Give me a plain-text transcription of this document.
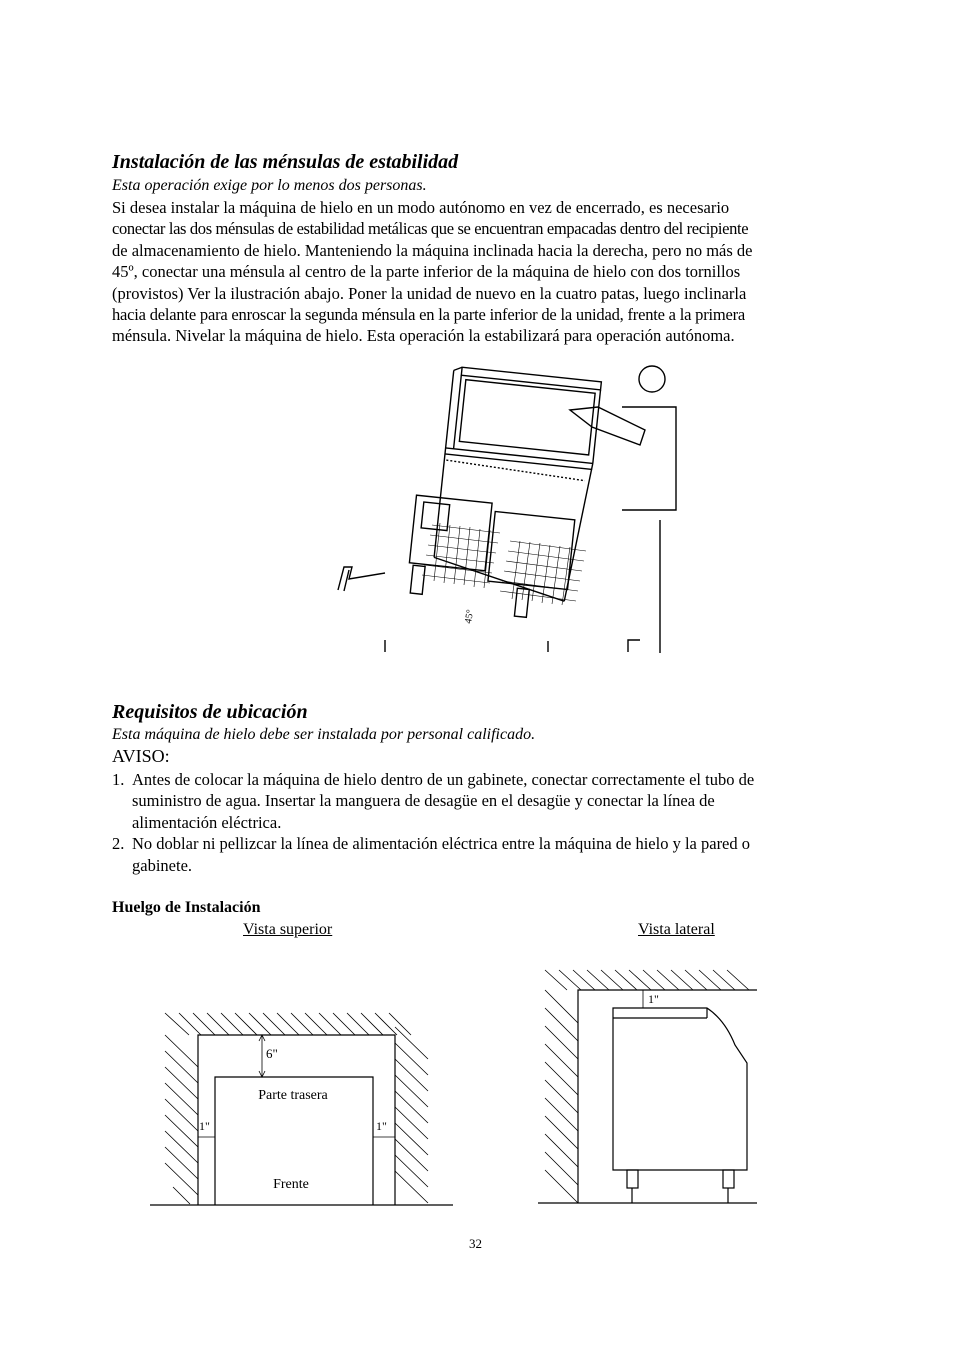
Instalación de las ménsulas de estabilidad
Esta operación exige por lo menos dos personas.
Si desea instalar la máquina de hielo en un modo autónomo en vez de encerrado, es necesario
conectar las dos ménsulas de estabilidad metálicas que se encuentran empacadas dentro del recipiente
de almacenamiento de hielo. Manteniendo la máquina inclinada hacia la derecha, pero no más de
45º, conectar una ménsula al centro de la parte inferior de la máquina de hielo con dos tornillos
(provistos) Ver la ilustración abajo. Poner la unidad de nuevo en la cuatro patas, luego inclinarla
hacia delante para enroscar la segunda ménsula en la parte inferior de la unidad, frente a la primera
ménsula. Nivelar la máquina de hielo. Esta operación la estabilizará para operación autónoma.
45°
Requisitos de ubicación
Esta máquina de hielo debe ser instalada por personal calificado.
AVISO:
1. Antes de colocar la máquina de hielo dentro de un gabinete, conectar correctamente el tubo de
suministro de agua. Insertar la manguera de desagüe en el desagüe y conectar la línea de
alimentación eléctrica.
2. No doblar ni pellizcar la línea de alimentación eléctrica entre la máquina de hielo y la pared o
gabinete.
Huelgo de Instalación
Vista superior	Vista lateral
6"
1"	1"
Parte trasera
Frente
1"
32
